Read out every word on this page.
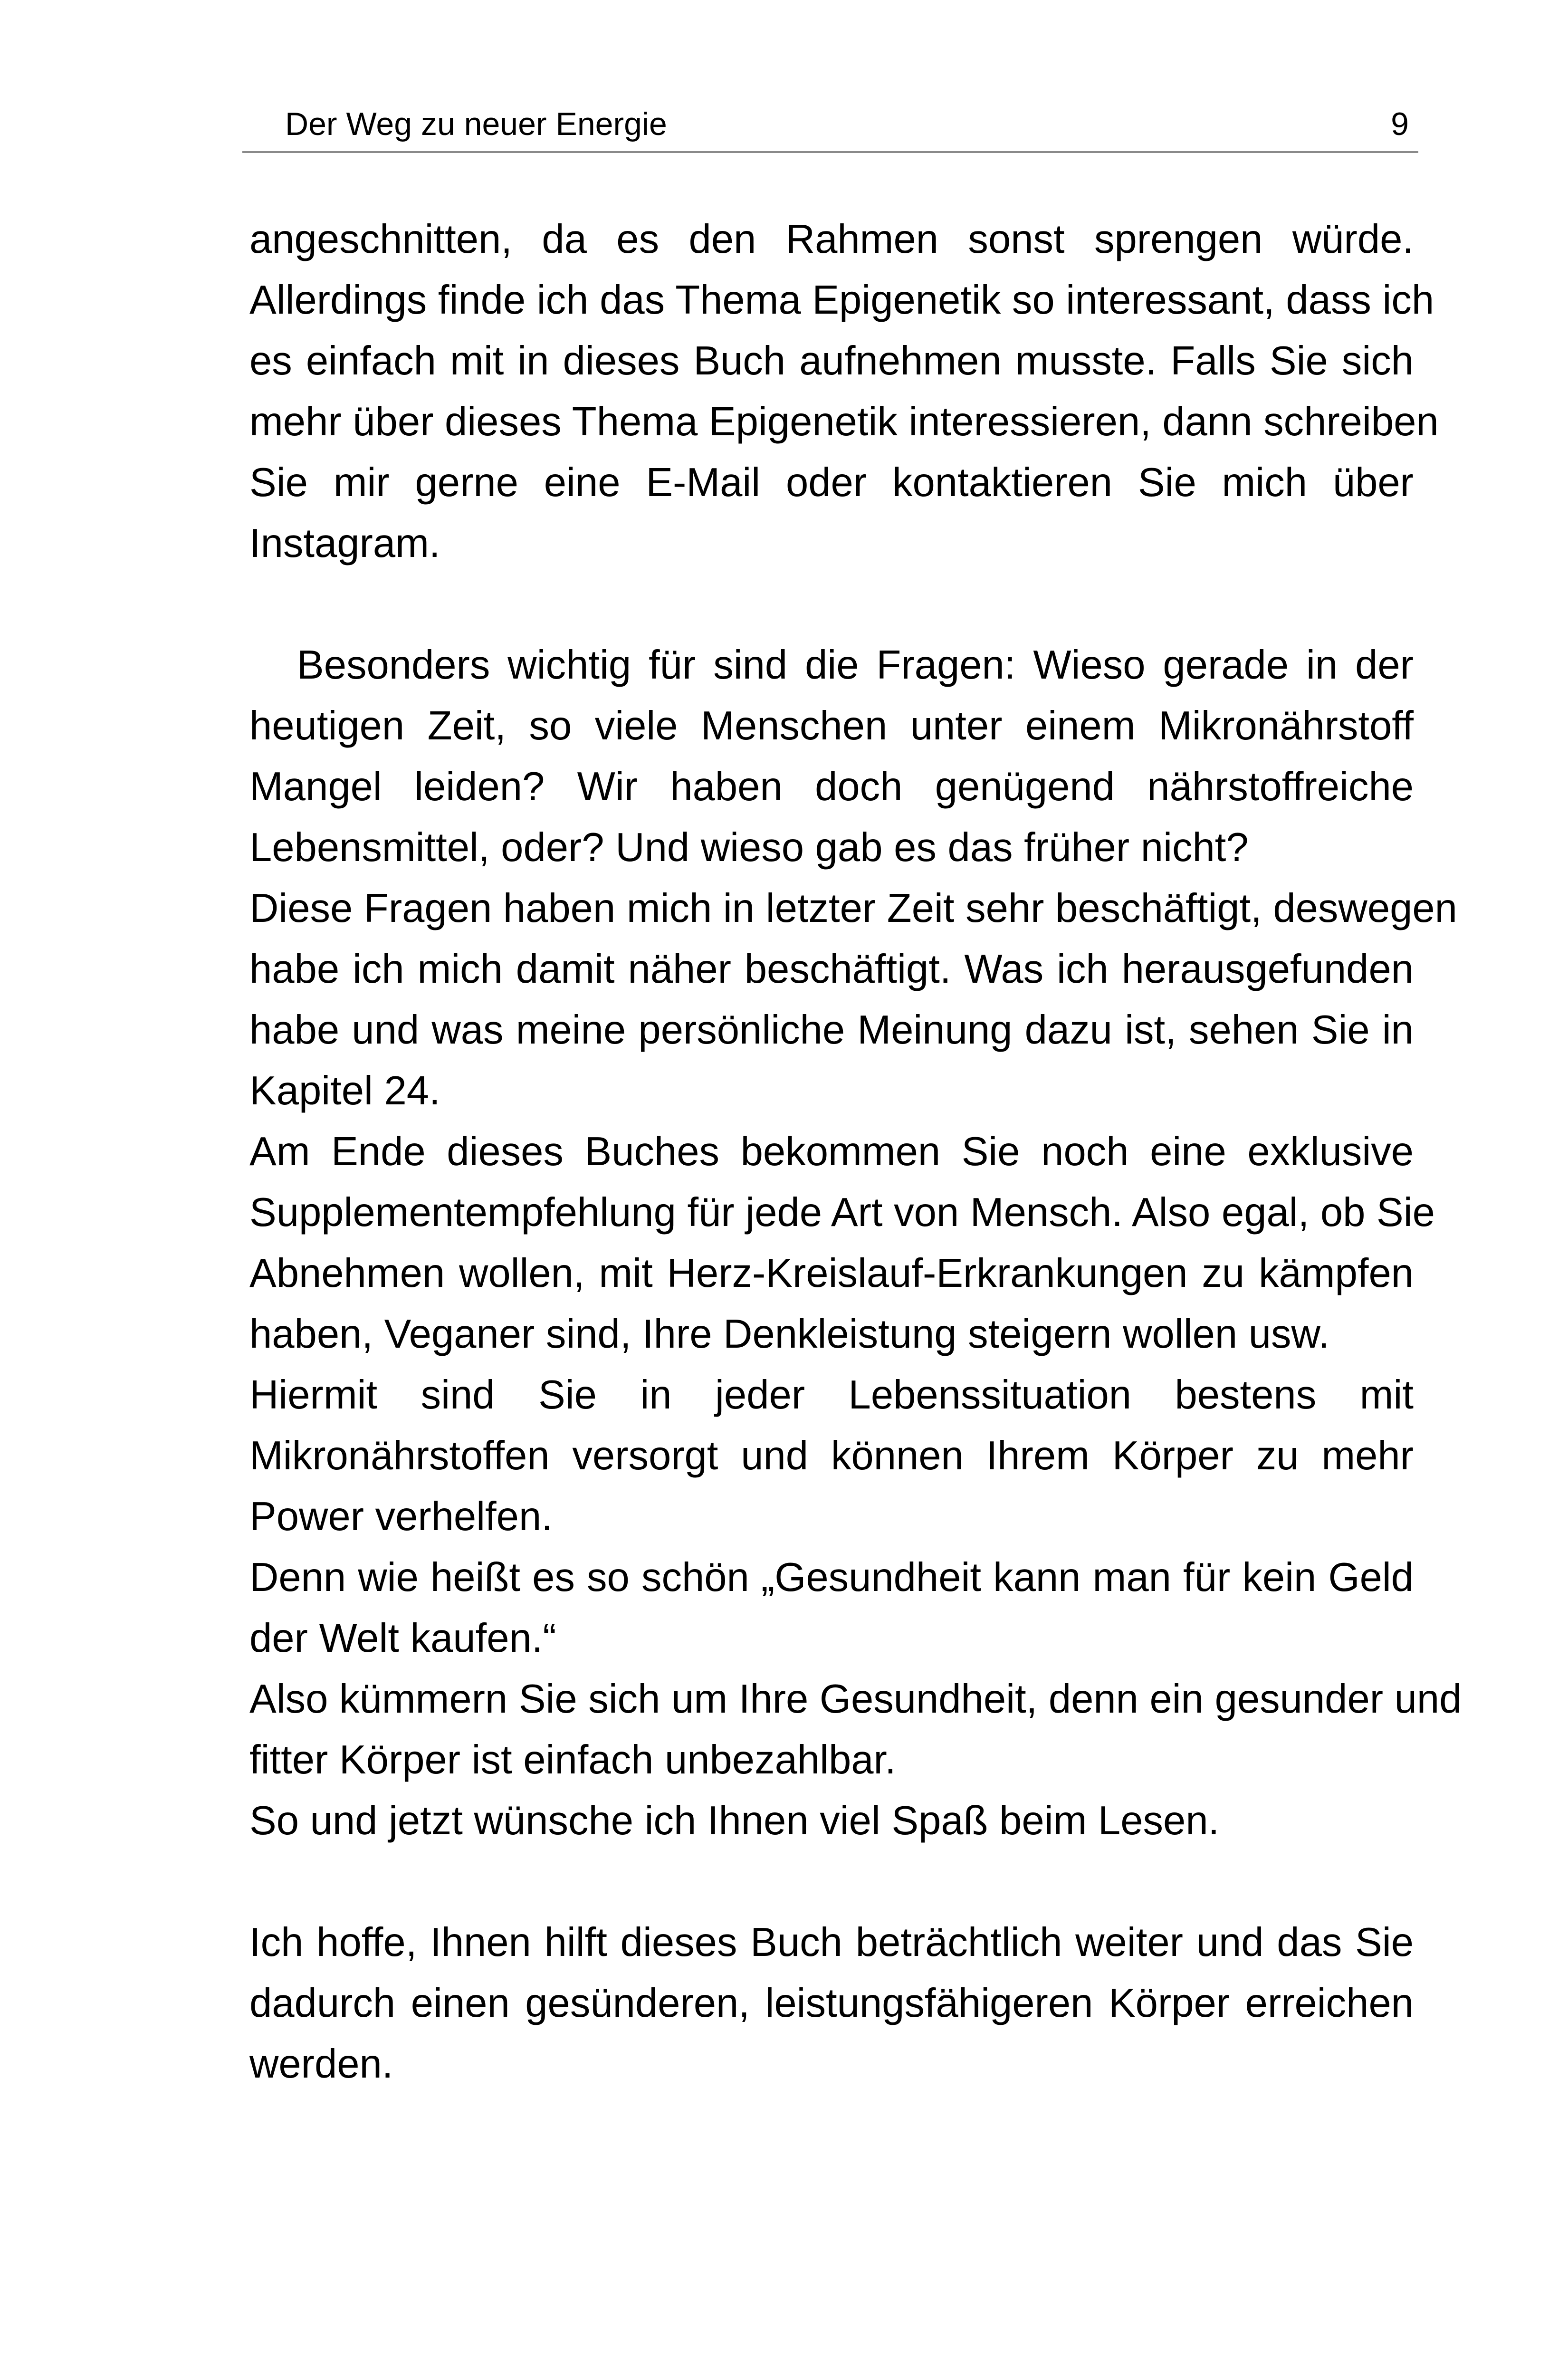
Der Weg zu neuer Energie	9
angeschnitten, da es den Rahmen sonst sprengen würde.
Allerdings finde ich das Thema Epigenetik so interessant, dass ich
es einfach mit in dieses Buch aufnehmen musste. Falls Sie sich
mehr über dieses Thema Epigenetik interessieren, dann schreiben
Sie mir gerne eine E-Mail oder kontaktieren Sie mich über
Instagram.
Besonders wichtig für sind die Fragen: Wieso gerade in der
heutigen Zeit, so viele Menschen unter einem Mikronährstoff
Mangel leiden? Wir haben doch genügend nährstoffreiche
Lebensmittel, oder? Und wieso gab es das früher nicht?
Diese Fragen haben mich in letzter Zeit sehr beschäftigt, deswegen
habe ich mich damit näher beschäftigt. Was ich herausgefunden
habe und was meine persönliche Meinung dazu ist, sehen Sie in
Kapitel 24.
Am Ende dieses Buches bekommen Sie noch eine exklusive
Supplementempfehlung für jede Art von Mensch. Also egal, ob Sie
Abnehmen wollen, mit Herz-Kreislauf-Erkrankungen zu kämpfen
haben, Veganer sind, Ihre Denkleistung steigern wollen usw.
Hiermit sind Sie in jeder Lebenssituation bestens mit
Mikronährstoffen versorgt und können Ihrem Körper zu mehr
Power verhelfen.
Denn wie heißt es so schön „Gesundheit kann man für kein Geld
der Welt kaufen.“
Also kümmern Sie sich um Ihre Gesundheit, denn ein gesunder und
fitter Körper ist einfach unbezahlbar.
So und jetzt wünsche ich Ihnen viel Spaß beim Lesen.
Ich hoffe, Ihnen hilft dieses Buch beträchtlich weiter und das Sie
dadurch einen gesünderen, leistungsfähigeren Körper erreichen
werden.
